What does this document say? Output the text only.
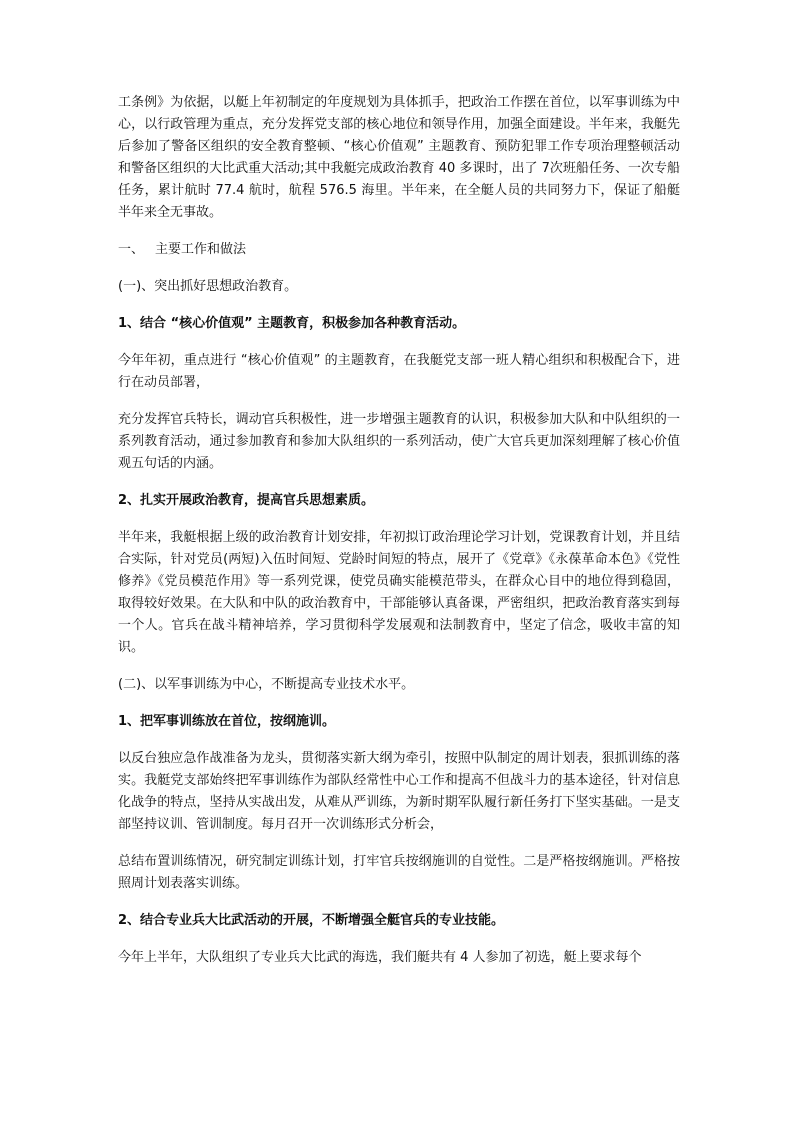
工条例》为依据，以艇上年初制定的年度规划为具体抓手，把政治工作摆在首位，以军事训练为中心，以行政管理为重点，充分发挥党支部的核心地位和领导作用，加强全面建设。半年来，我艇先后参加了警备区组织的安全教育整顿、“核心价值观” 主题教育、预防犯罪工作专项治理整顿活动和警备区组织的大比武重大活动;其中我艇完成政治教育 40 多课时，出了 7次班船任务、一次专船任务，累计航时 77.4 航时，航程 576.5 海里。半年来，在全艇人员的共同努力下，保证了船艇半年来全无事故。

一、 主要工作和做法

(一)、突出抓好思想政治教育。

1、结合 “核心价值观” 主题教育，积极参加各种教育活动。

今年年初，重点进行 “核心价值观” 的主题教育，在我艇党支部一班人精心组织和积极配合下，进行在动员部署，

充分发挥官兵特长，调动官兵积极性，进一步增强主题教育的认识，积极参加大队和中队组织的一系列教育活动，通过参加教育和参加大队组织的一系列活动，使广大官兵更加深刻理解了核心价值观五句话的内涵。

2、扎实开展政治教育，提高官兵思想素质。

半年来，我艇根据上级的政治教育计划安排，年初拟订政治理论学习计划，党课教育计划，并且结合实际，针对党员(两短)入伍时间短、党龄时间短的特点，展开了《党章》《永葆革命本色》《党性修养》《党员模范作用》等一系列党课，使党员确实能模范带头，在群众心目中的地位得到稳固，取得较好效果。在大队和中队的政治教育中，干部能够认真备课，严密组织，把政治教育落实到每一个人。官兵在战斗精神培养，学习贯彻科学发展观和法制教育中，坚定了信念，吸收丰富的知识。

(二)、以军事训练为中心，不断提高专业技术水平。

1、把军事训练放在首位，按纲施训。

以反台独应急作战准备为龙头，贯彻落实新大纲为牵引，按照中队制定的周计划表，狠抓训练的落实。我艇党支部始终把军事训练作为部队经常性中心工作和提高不但战斗力的基本途径，针对信息化战争的特点，坚持从实战出发，从难从严训练，为新时期军队履行新任务打下坚实基础。一是支部坚持议训、管训制度。每月召开一次训练形式分析会，

总结布置训练情况，研究制定训练计划，打牢官兵按纲施训的自觉性。二是严格按纲施训。严格按照周计划表落实训练。

2、结合专业兵大比武活动的开展，不断增强全艇官兵的专业技能。

今年上半年，大队组织了专业兵大比武的海选，我们艇共有 4 人参加了初选，艇上要求每个
